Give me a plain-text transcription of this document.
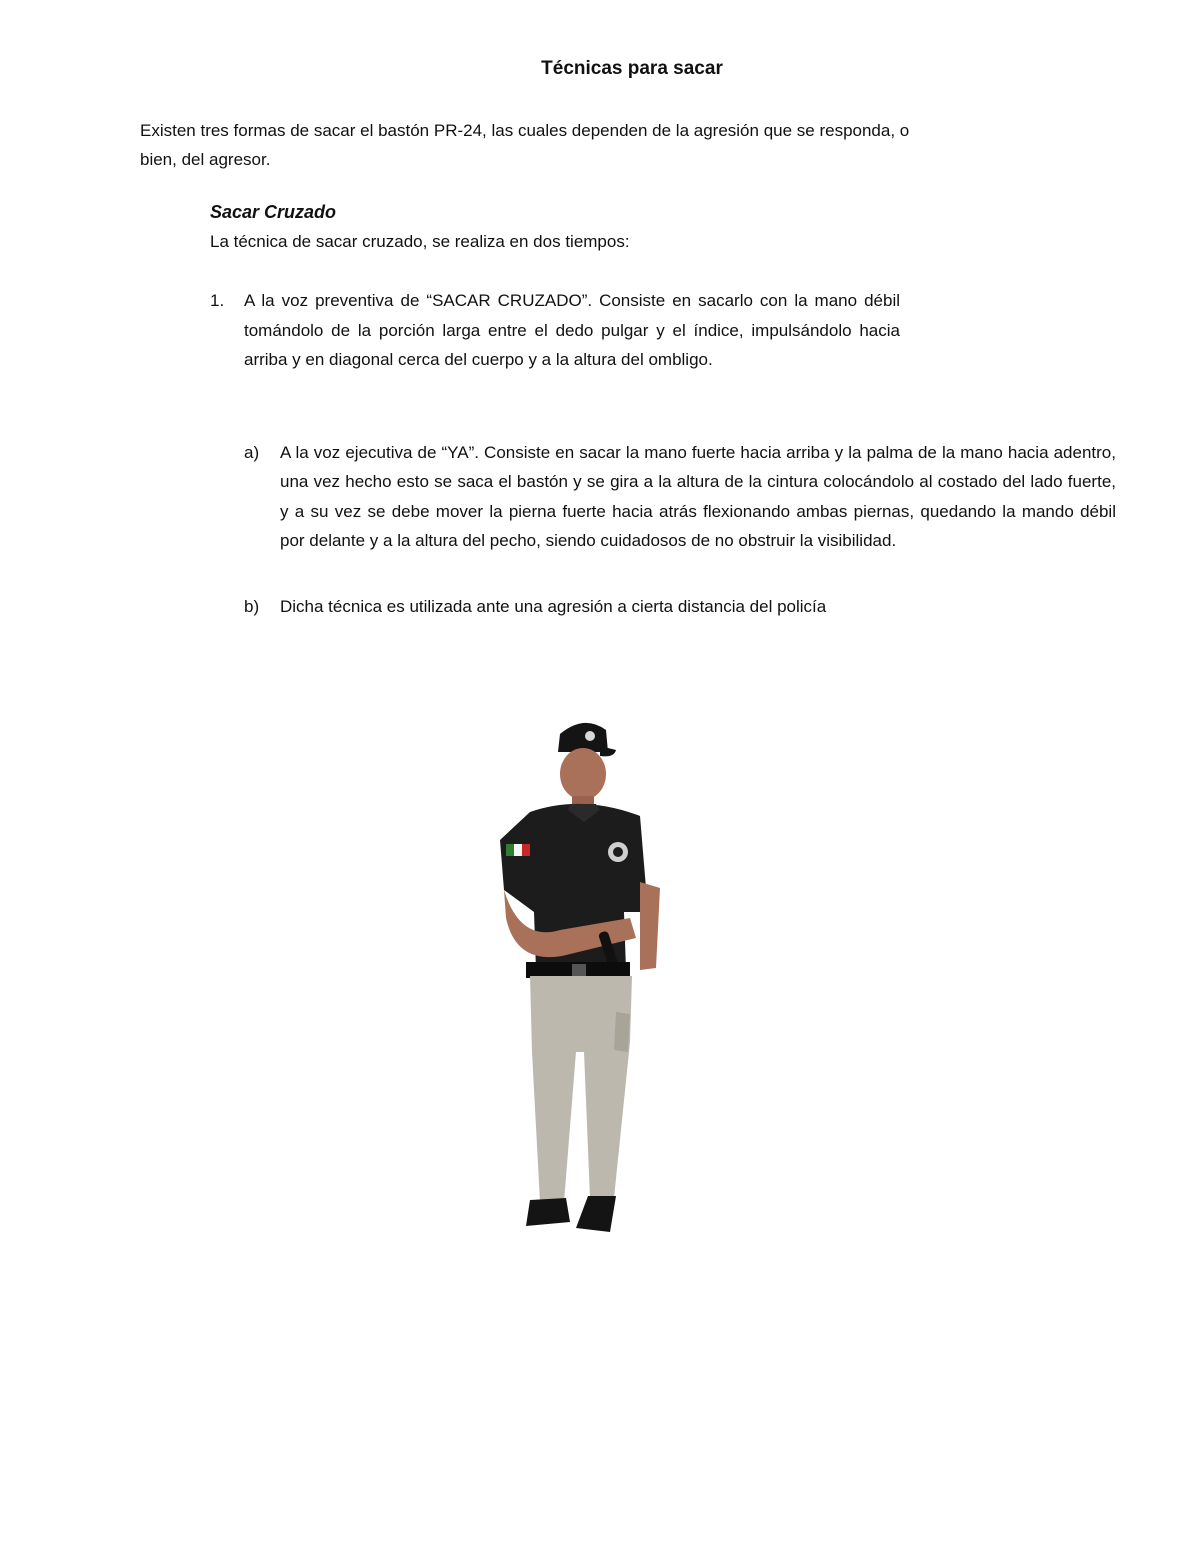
Técnicas para sacar
Existen tres formas de sacar el bastón PR-24, las cuales dependen de la agresión que se responda, o bien, del agresor.
Sacar Cruzado
La técnica de sacar cruzado, se realiza en dos tiempos:
1. A la voz preventiva de “SACAR CRUZADO”. Consiste en sacarlo con la mano débil tomándolo de la porción larga entre el dedo pulgar y el índice, impulsándolo hacia arriba y en diagonal cerca del cuerpo y a la altura del ombligo.
a) A la voz ejecutiva de “YA”. Consiste en sacar la mano fuerte hacia arriba y la palma de la mano hacia adentro, una vez hecho esto se saca el bastón y se gira a la altura de la cintura colocándolo al costado del lado fuerte, y a su vez se debe mover la pierna fuerte hacia atrás flexionando ambas piernas, quedando la mando débil por delante y a la altura del pecho, siendo cuidadosos de no obstruir la visibilidad.
b) Dicha técnica es utilizada ante una agresión a cierta distancia del policía
